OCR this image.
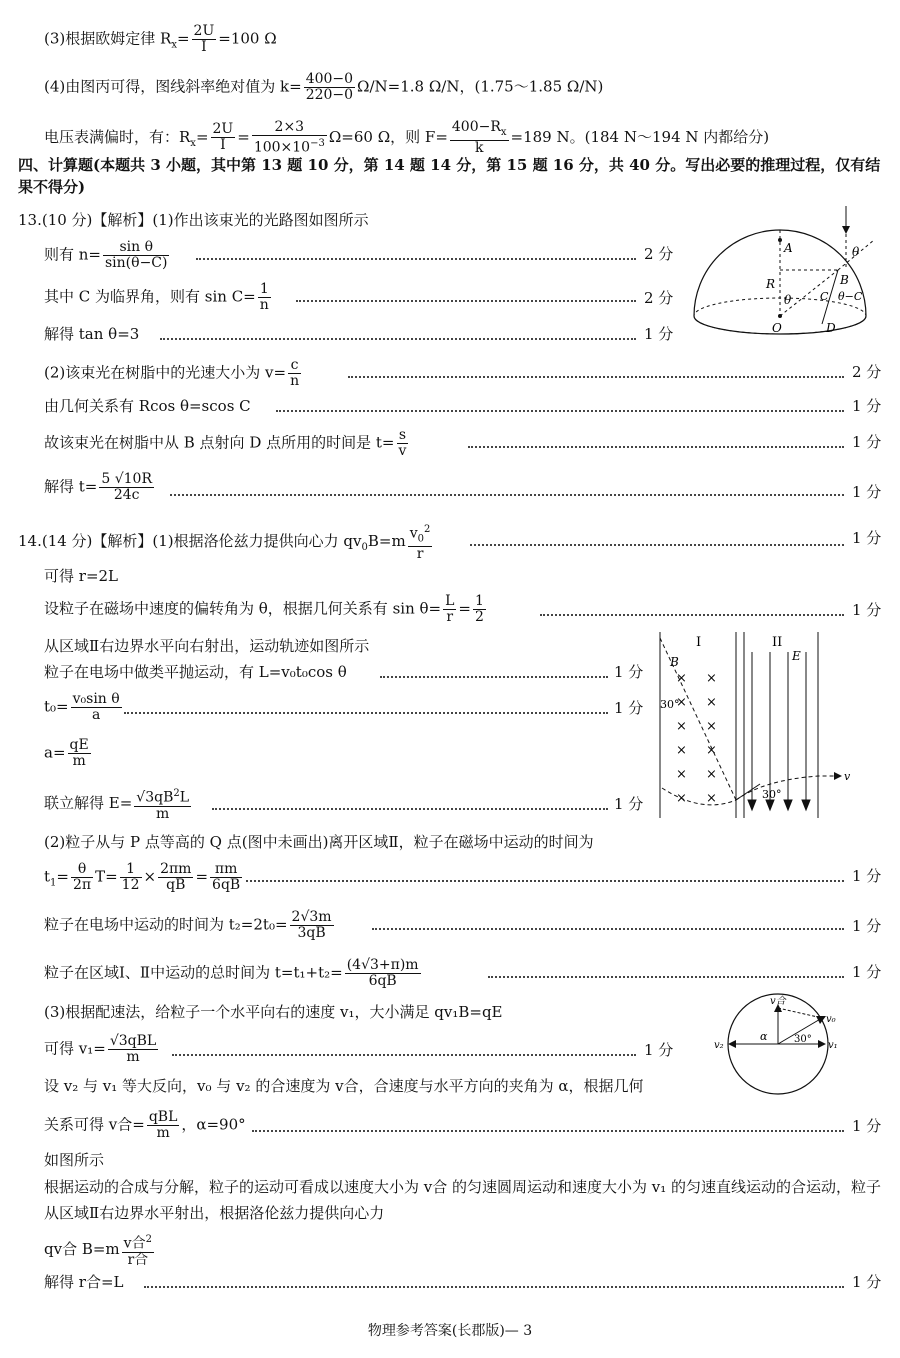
(3)根据欧姆定律 $R_x= \frac{2U}{I} =100$ Ω
(4)由图丙可得，图线斜率绝对值为 $k= \frac{400-0}{220-0} \Omega/N=1.8$ Ω/N，(1.75～1.85 Ω/N)
电压表满偏时，有：$R_x= \frac{2U}{I} = \frac{2\times 3}{100\times 10^{-3}} \Omega=60$ Ω，则 $F= \frac{400-R_x}{k} =189$ N。(184 N～194 N 内都给分)
四、计算题(本题共 3 小题，其中第 13 题 10 分，第 14 题 14 分，第 15 题 16 分，共 40 分。写出必要的推理过程，仅有结果不得分)
13.(10 分)【解析】(1)作出该束光的光路图如图所示
则有 $n= \frac{\text{sin θ}}{\sin(\theta-C)}$	2 分
其中 C 为临界角，则有 $\sin C= \frac{1}{n}$	2 分
解得 tan θ=3	1 分
A
B
R
θ
θ
C θ−C
O	D
(2)该束光在树脂中的光速大小为 $v= \frac{c}{n}$	2 分
由几何关系有 Rcos θ=scos C	1 分
故该束光在树脂中从 B 点射向 D 点所用的时间是 $t= \frac{s}{v}$	1 分
解得 $t= \frac{5 √10R}{24c}$	1 分
14.(14 分)【解析】(1)根据洛伦兹力提供向心力 $qv_0B=m \frac{v_0^2}{r}$	1 分
可得 r=2L
设粒子在磁场中速度的偏转角为 θ，根据几何关系有 $\sin \theta= \frac{L}{r} = \frac{1}{2}$	1 分
从区域Ⅱ右边界水平向右射出，运动轨迹如图所示
粒子在电场中做类平抛运动，有 L=v₀t₀cos θ	1 分
$t_0= \frac{\text{v₀sin θ}}{a}$	1 分
$a= \frac{qE}{m}$
联立解得 $E= \frac{√3qB^2L}{m}$	1 分
I	II
B	E
× ×
× ×
× ×
× ×
× ×
× ×
v
30°
30°
(2)粒子从与 P 点等高的 Q 点(图中未画出)离开区域Ⅱ，粒子在磁场中运动的时间为
$t_1= \frac{\theta}{2\pi} T= \frac{1}{12} \times \frac{2\pi m}{qB} = \frac{\pi m}{6qB}$	1 分
粒子在电场中运动的时间为 $t_2=2t_0= \frac{2√3m}{3qB}$	1 分
粒子在区域Ⅰ、Ⅱ中运动的总时间为 $t=t_1+t_2= \frac{(4√3+\pi)m}{6qB}$	1 分
(3)根据配速法，给粒子一个水平向右的速度 v₁，大小满足 qv₁B=qE
可得 v₁= √3qBL
m	1 分	v₂	v₁
v合
v₀
α	30°
设 v₂ 与 v₁ 等大反向，v₀ 与 v₂ 的合速度为 v合，合速度与水平方向的夹角为 α，根据几何
关系可得 v合= qBL
m ，α=90°	1 分
如图所示
根据运动的合成与分解，粒子的运动可看成以速度大小为 v合 的匀速圆周运动和速度大小为 v₁ 的匀速直线运动的合运动，粒子从区域Ⅱ右边界水平射出，根据洛伦兹力提供向心力
qv合 B=m v合$^2$
r合
解得 r合=L	1 分
物理参考答案(长郡版)— 3
